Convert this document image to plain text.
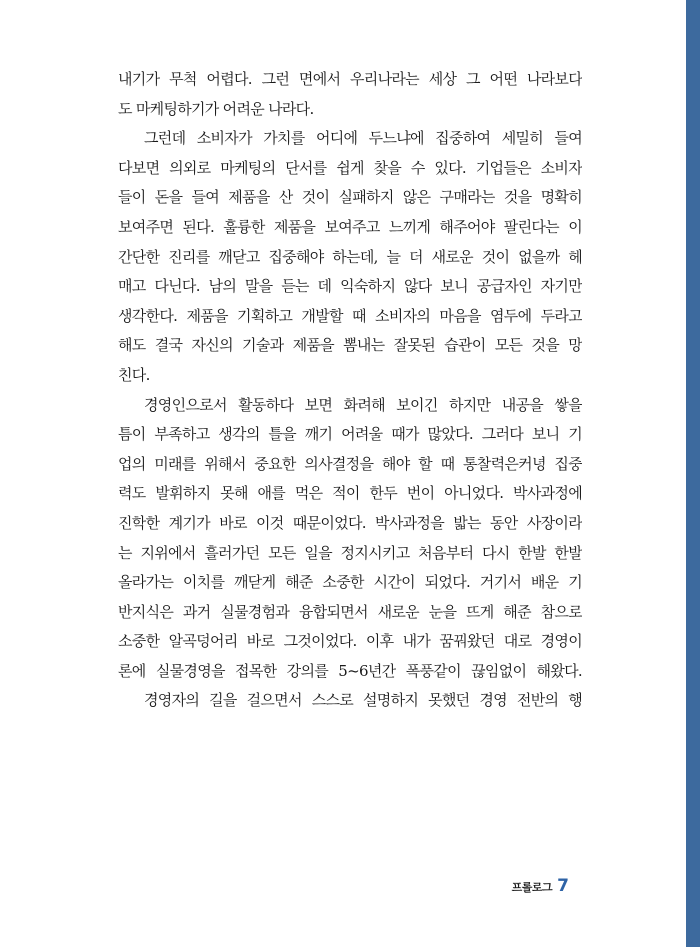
내기가 무척 어렵다. 그런 면에서 우리나라는 세상 그 어떤 나라보다
도 마케팅하기가 어려운 나라다.
그런데 소비자가 가치를 어디에 두느냐에 집중하여 세밀히 들여
다보면 의외로 마케팅의 단서를 쉽게 찾을 수 있다. 기업들은 소비자
들이 돈을 들여 제품을 산 것이 실패하지 않은 구매라는 것을 명확히
보여주면 된다. 훌륭한 제품을 보여주고 느끼게 해주어야 팔린다는 이
간단한 진리를 깨닫고 집중해야 하는데, 늘 더 새로운 것이 없을까 헤
매고 다닌다. 남의 말을 듣는 데 익숙하지 않다 보니 공급자인 자기만
생각한다. 제품을 기획하고 개발할 때 소비자의 마음을 염두에 두라고
해도 결국 자신의 기술과 제품을 뽐내는 잘못된 습관이 모든 것을 망
친다.
경영인으로서 활동하다 보면 화려해 보이긴 하지만 내공을 쌓을
틈이 부족하고 생각의 틀을 깨기 어려울 때가 많았다. 그러다 보니 기
업의 미래를 위해서 중요한 의사결정을 해야 할 때 통찰력은커녕 집중
력도 발휘하지 못해 애를 먹은 적이 한두 번이 아니었다. 박사과정에
진학한 계기가 바로 이것 때문이었다. 박사과정을 밟는 동안 사장이라
는 지위에서 흘러가던 모든 일을 정지시키고 처음부터 다시 한발 한발
올라가는 이치를 깨닫게 해준 소중한 시간이 되었다. 거기서 배운 기
반지식은 과거 실물경험과 융합되면서 새로운 눈을 뜨게 해준 참으로
소중한 알곡덩어리 바로 그것이었다. 이후 내가 꿈꿔왔던 대로 경영이
론에 실물경영을 접목한 강의를 5~6년간 폭풍같이 끊임없이 해왔다.
경영자의 길을 걸으면서 스스로 설명하지 못했던 경영 전반의 행
프롤로그 7
